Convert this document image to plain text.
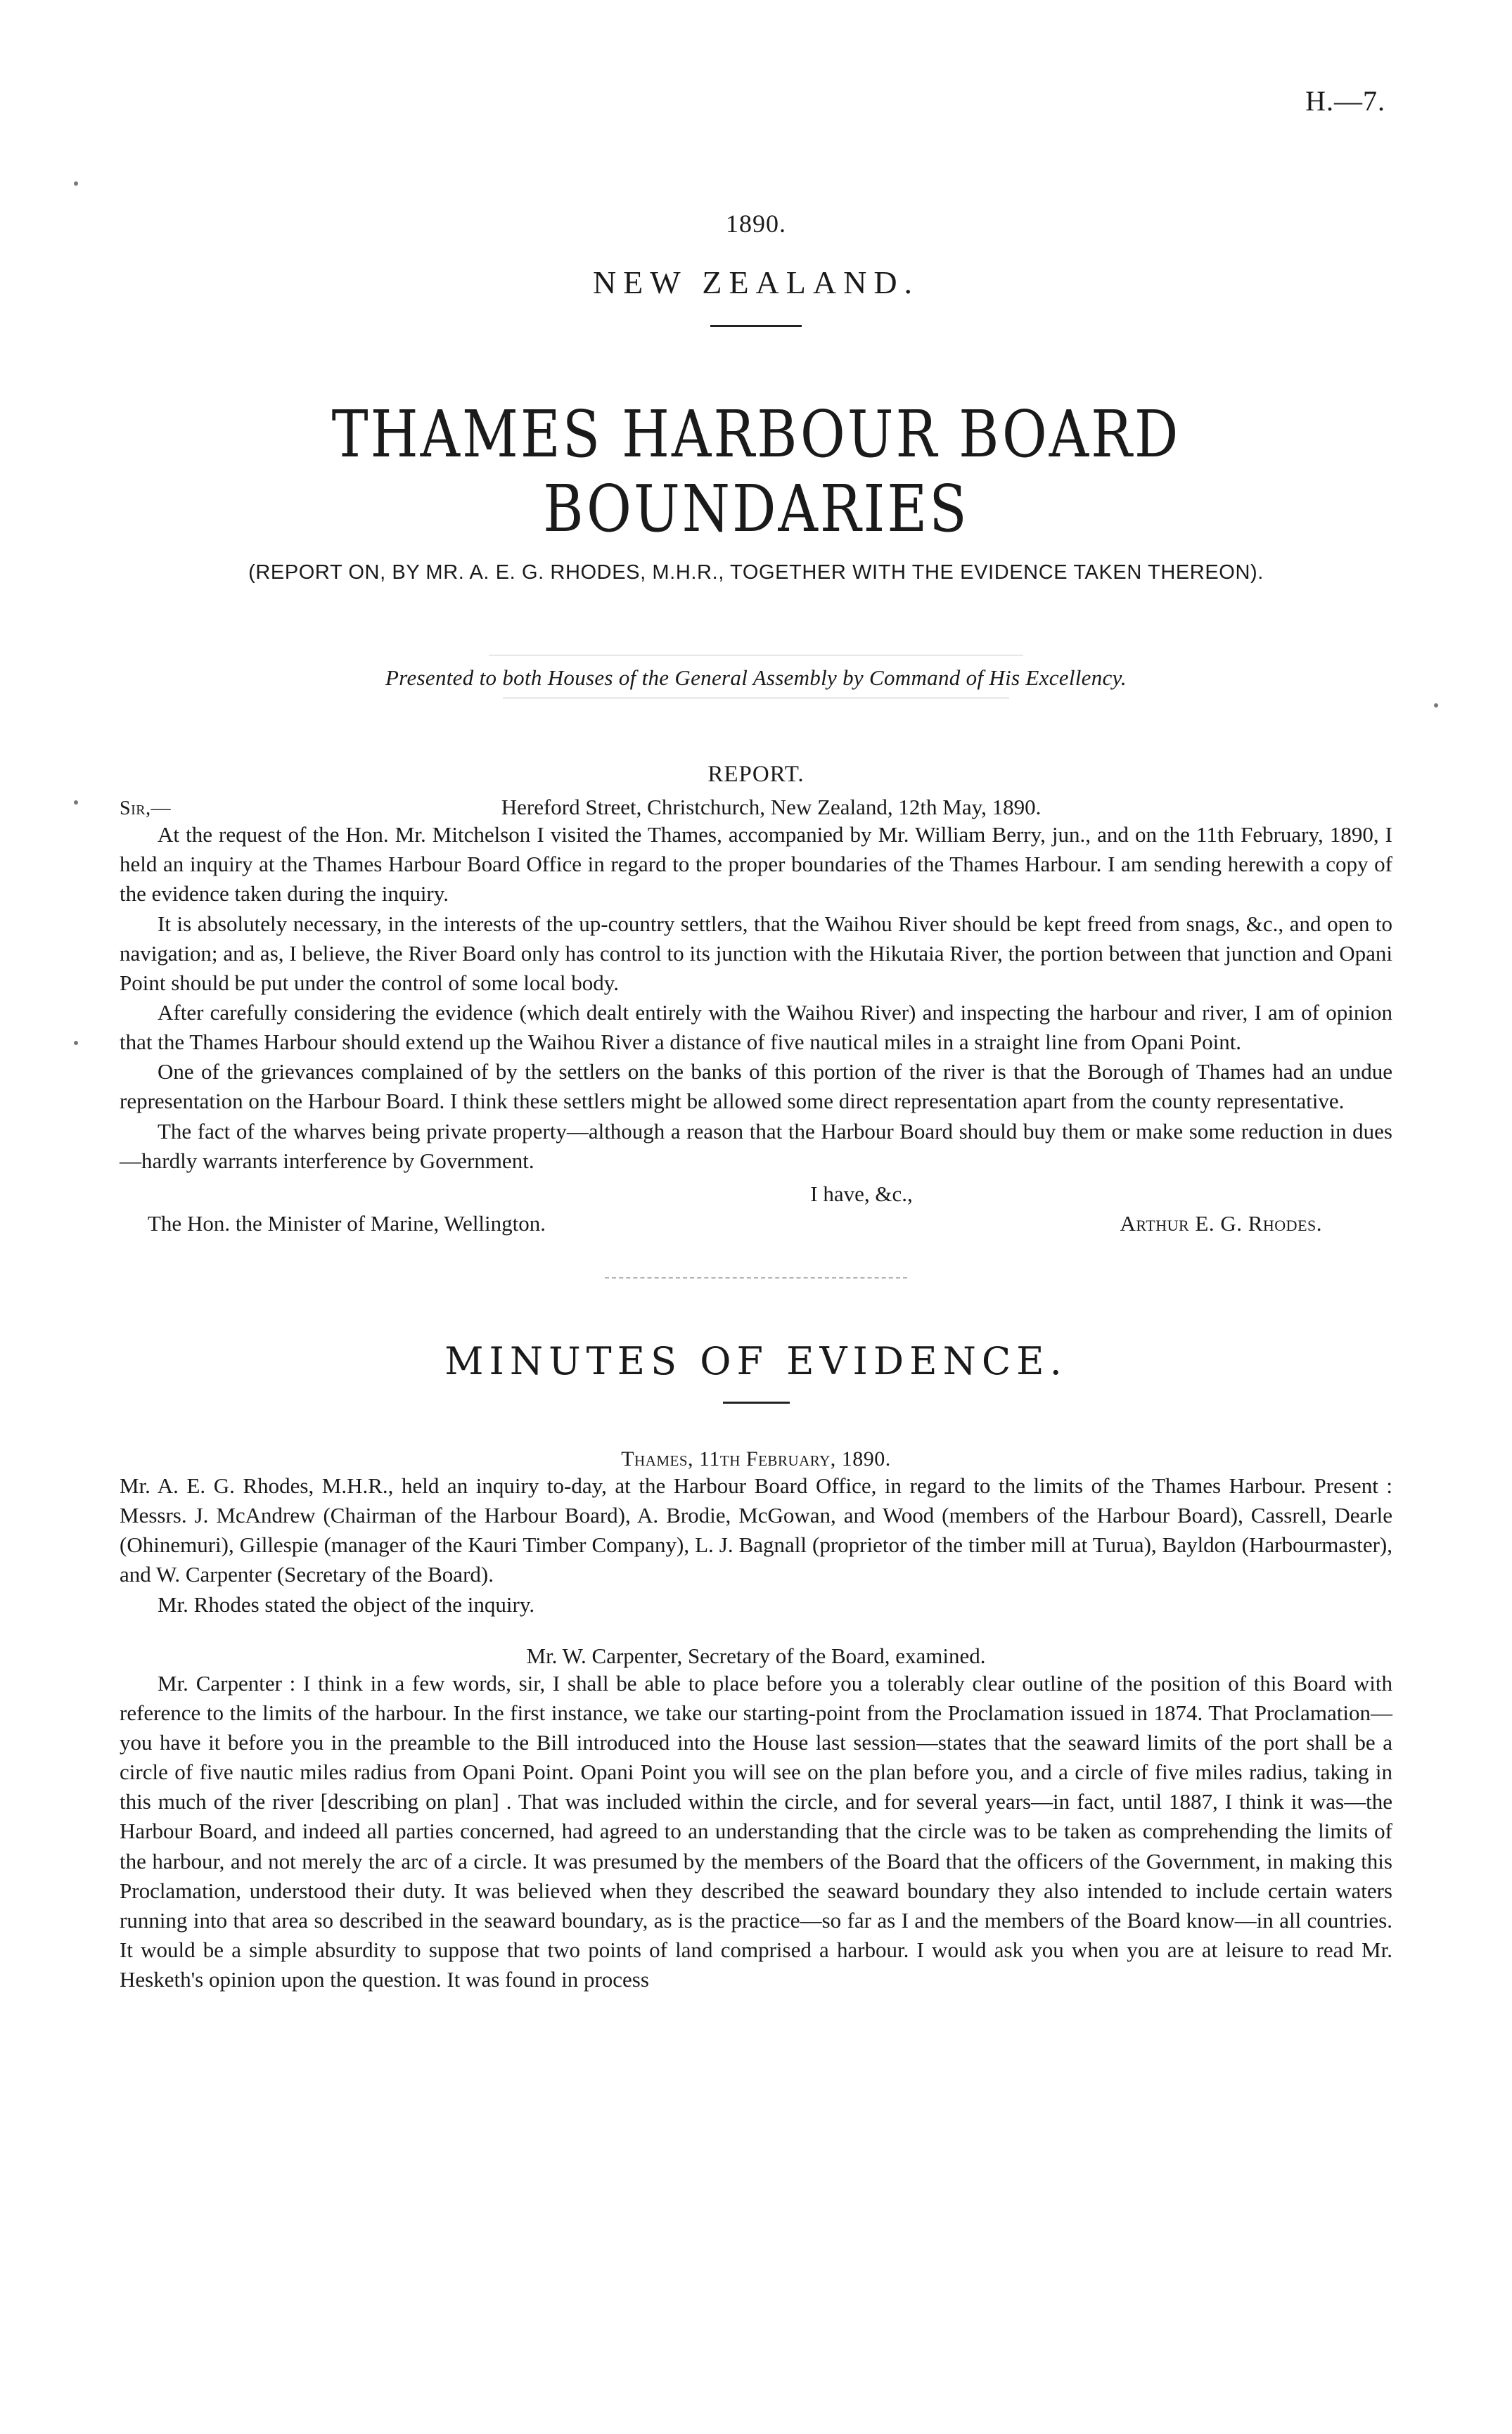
H.—7.
1890.
NEW ZEALAND.
THAMES HARBOUR BOARD BOUNDARIES
(REPORT ON, BY MR. A. E. G. RHODES, M.H.R., TOGETHER WITH THE EVIDENCE TAKEN THEREON).
Presented to both Houses of the General Assembly by Command of His Excellency.
REPORT.
Sir,—	Hereford Street, Christchurch, New Zealand, 12th May, 1890.

At the request of the Hon. Mr. Mitchelson I visited the Thames, accompanied by Mr. William Berry, jun., and on the 11th February, 1890, I held an inquiry at the Thames Harbour Board Office in regard to the proper boundaries of the Thames Harbour. I am sending herewith a copy of the evidence taken during the inquiry.

It is absolutely necessary, in the interests of the up-country settlers, that the Waihou River should be kept freed from snags, &c., and open to navigation; and as, I believe, the River Board only has control to its junction with the Hikutaia River, the portion between that junction and Opani Point should be put under the control of some local body.

After carefully considering the evidence (which dealt entirely with the Waihou River) and inspecting the harbour and river, I am of opinion that the Thames Harbour should extend up the Waihou River a distance of five nautical miles in a straight line from Opani Point.

One of the grievances complained of by the settlers on the banks of this portion of the river is that the Borough of Thames had an undue representation on the Harbour Board. I think these settlers might be allowed some direct representation apart from the county representative.

The fact of the wharves being private property—although a reason that the Harbour Board should buy them or make some reduction in dues—hardly warrants interference by Government.

I have, &c.,
The Hon. the Minister of Marine, Wellington.	Arthur E. G. Rhodes.
MINUTES OF EVIDENCE.
Thames, 11th February, 1890.

Mr. A. E. G. Rhodes, M.H.R., held an inquiry to-day, at the Harbour Board Office, in regard to the limits of the Thames Harbour. Present : Messrs. J. McAndrew (Chairman of the Harbour Board), A. Brodie, McGowan, and Wood (members of the Harbour Board), Cassrell, Dearle (Ohinemuri), Gillespie (manager of the Kauri Timber Company), L. J. Bagnall (proprietor of the timber mill at Turua), Bayldon (Harbourmaster), and W. Carpenter (Secretary of the Board).

Mr. Rhodes stated the object of the inquiry.

Mr. W. Carpenter, Secretary of the Board, examined.

Mr. Carpenter : I think in a few words, sir, I shall be able to place before you a tolerably clear outline of the position of this Board with reference to the limits of the harbour. In the first instance, we take our starting-point from the Proclamation issued in 1874. That Proclamation—you have it before you in the preamble to the Bill introduced into the House last session—states that the seaward limits of the port shall be a circle of five nautic miles radius from Opani Point. Opani Point you will see on the plan before you, and a circle of five miles radius, taking in this much of the river [describing on plan] . That was included within the circle, and for several years—in fact, until 1887, I think it was—the Harbour Board, and indeed all parties concerned, had agreed to an understanding that the circle was to be taken as comprehending the limits of the harbour, and not merely the arc of a circle. It was presumed by the members of the Board that the officers of the Government, in making this Proclamation, understood their duty. It was believed when they described the seaward boundary they also intended to include certain waters running into that area so described in the seaward boundary, as is the practice—so far as I and the members of the Board know—in all countries. It would be a simple absurdity to suppose that two points of land comprised a harbour. I would ask you when you are at leisure to read Mr. Hesketh's opinion upon the question. It was found in process
